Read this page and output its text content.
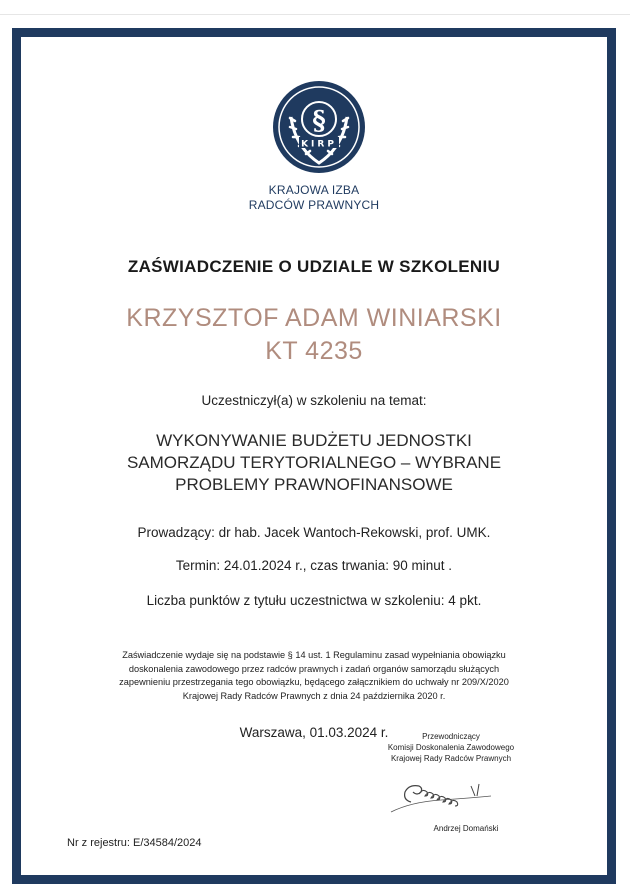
§
KIRP
KRAJOWA IZBA
RADCÓW PRAWNYCH
ZAŚWIADCZENIE O UDZIALE W SZKOLENIU
KRZYSZTOF ADAM WINIARSKI
KT 4235
Uczestniczył(a) w szkoleniu na temat:
WYKONYWANIE BUDŻETU JEDNOSTKI
SAMORZĄDU TERYTORIALNEGO – WYBRANE
PROBLEMY PRAWNOFINANSOWE
Prowadzący: dr hab. Jacek Wantoch-Rekowski, prof. UMK.
Termin: 24.01.2024 r., czas trwania: 90 minut .
Liczba punktów z tytułu uczestnictwa w szkoleniu: 4 pkt.
Zaświadczenie wydaje się na podstawie § 14 ust. 1 Regulaminu zasad wypełniania obowiązku
doskonalenia zawodowego przez radców prawnych i zadań organów samorządu służących
zapewnieniu przestrzegania tego obowiązku, będącego załącznikiem do uchwały nr 209/X/2020
Krajowej Rady Radców Prawnych z dnia 24 października 2020 r.
Warszawa, 01.03.2024 r.	Przewodniczący
Komisji Doskonalenia Zawodowego
Krajowej Rady Radców Prawnych
Andrzej Domański
Nr z rejestru: E/34584/2024
